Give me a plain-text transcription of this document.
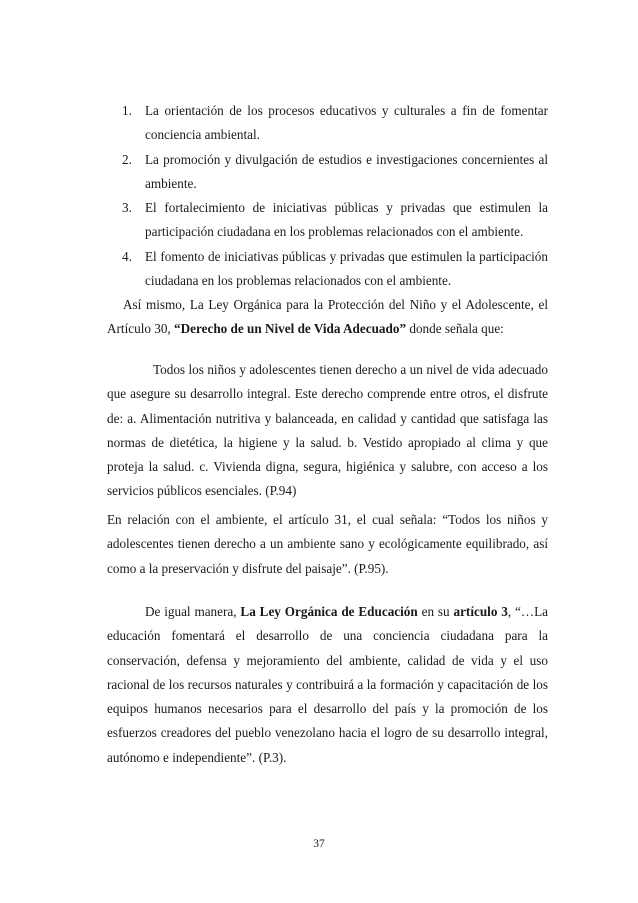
1. La orientación de los procesos educativos y culturales a fin de fomentar conciencia ambiental.
2. La promoción y divulgación de estudios e investigaciones concernientes al ambiente.
3. El fortalecimiento de iniciativas públicas y privadas que estimulen la participación ciudadana en los problemas relacionados con el ambiente.
4. El fomento de iniciativas públicas y privadas que estimulen la participación ciudadana en los problemas relacionados con el ambiente.

Así mismo, La Ley Orgánica para la Protección del Niño y el Adolescente, el Artículo 30, “Derecho de un Nivel de Vida Adecuado” donde señala que:

Todos los niños y adolescentes tienen derecho a un nivel de vida adecuado que asegure su desarrollo integral. Este derecho comprende entre otros, el disfrute de: a. Alimentación nutritiva y balanceada, en calidad y cantidad que satisfaga las normas de dietética, la higiene y la salud. b. Vestido apropiado al clima y que proteja la salud. c. Vivienda digna, segura, higiénica y salubre, con acceso a los servicios públicos esenciales. (P.94)

En relación con el ambiente, el artículo 31, el cual señala: “Todos los niños y adolescentes tienen derecho a un ambiente sano y ecológicamente equilibrado, así como a la preservación y disfrute del paisaje”. (P.95).

De igual manera, La Ley Orgánica de Educación en su artículo 3, “…La educación fomentará el desarrollo de una conciencia ciudadana para la conservación, defensa y mejoramiento del ambiente, calidad de vida y el uso racional de los recursos naturales y contribuirá a la formación y capacitación de los equipos humanos necesarios para el desarrollo del país y la promoción de los esfuerzos creadores del pueblo venezolano hacia el logro de su desarrollo integral, autónomo e independiente”. (P.3).

37
